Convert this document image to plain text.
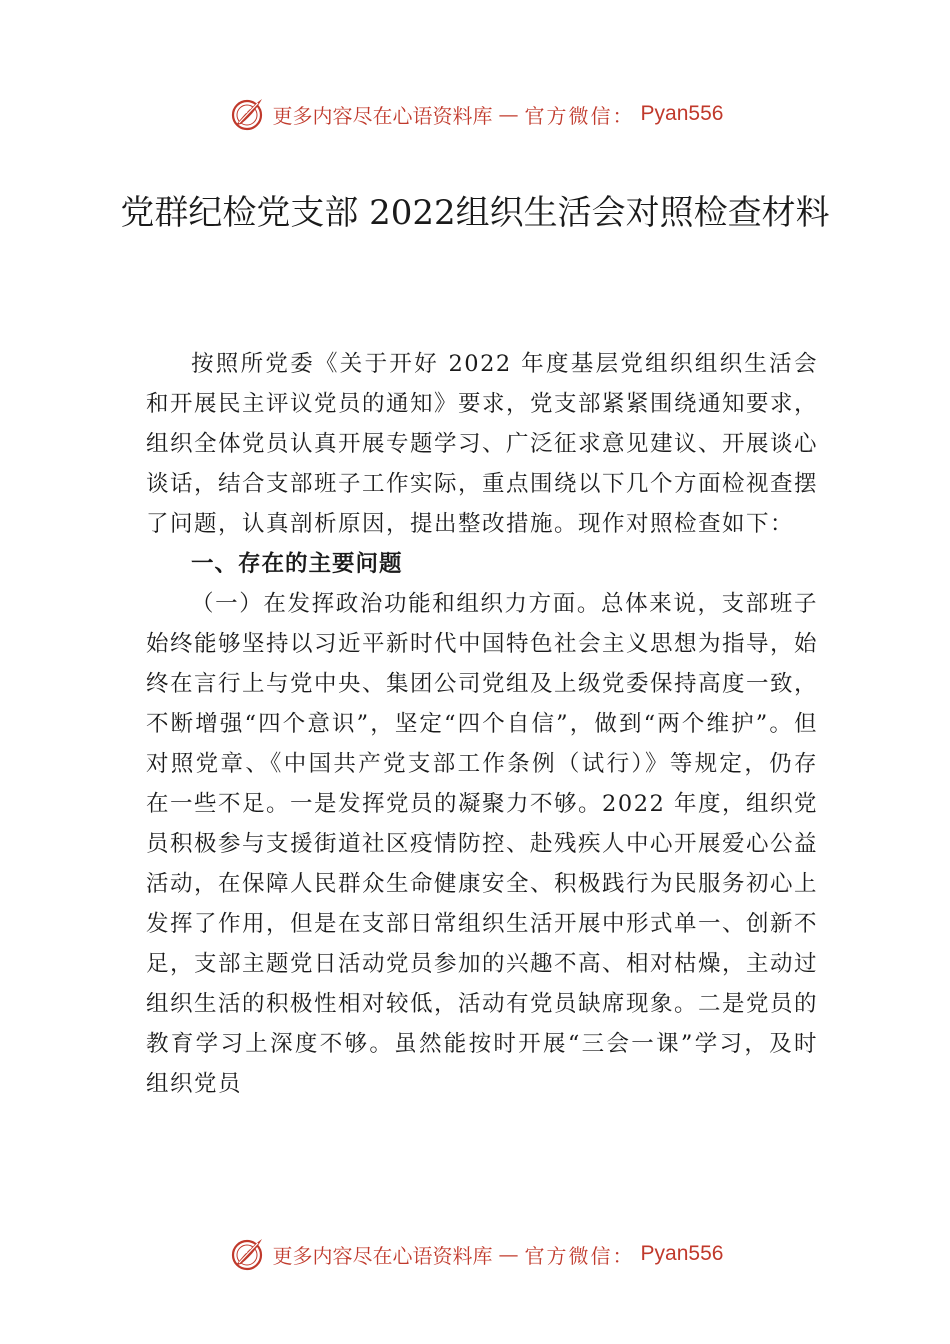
更多内容尽在心语资料库 — 官方微信： Pyan556
党群纪检党支部 2022组织生活会对照检查材料

按照所党委《关于开好 2022 年度基层党组织组织生活会和开展民主评议党员的通知》要求，党支部紧紧围绕通知要求，组织全体党员认真开展专题学习、广泛征求意见建议、开展谈心谈话，结合支部班子工作实际，重点围绕以下几个方面检视查摆了问题，认真剖析原因，提出整改措施。现作对照检查如下：

一、存在的主要问题

（一）在发挥政治功能和组织力方面。总体来说，支部班子始终能够坚持以习近平新时代中国特色社会主义思想为指导，始终在言行上与党中央、集团公司党组及上级党委保持高度一致，不断增强“四个意识”，坚定“四个自信”，做到“两个维护”。但对照党章、《中国共产党支部工作条例（试行）》等规定，仍存在一些不足。一是发挥党员的凝聚力不够。2022 年度，组织党员积极参与支援街道社区疫情防控、赴残疾人中心开展爱心公益活动，在保障人民群众生命健康安全、积极践行为民服务初心上发挥了作用，但是在支部日常组织生活开展中形式单一、创新不足，支部主题党日活动党员参加的兴趣不高、相对枯燥，主动过组织生活的积极性相对较低，活动有党员缺席现象。二是党员的教育学习上深度不够。虽然能按时开展“三会一课”学习，及时组织党员

更多内容尽在心语资料库 — 官方微信： Pyan556
